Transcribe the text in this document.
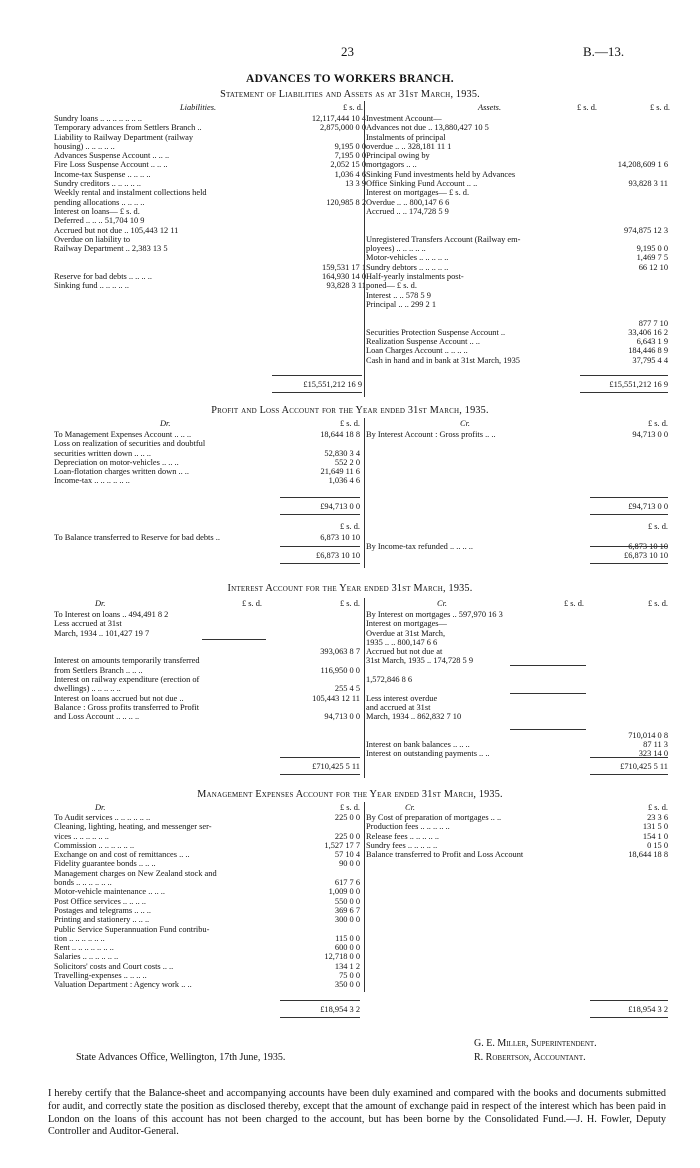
23	B.—13.
ADVANCES TO WORKERS BRANCH.
Statement of Liabilities and Assets as at 31st March, 1935.
Liabilities.	£ s. d.	Assets.	£ s. d.	£ s. d.
Sundry loans .. .. .. .. .. .. ..	12,117,444 10 4
Temporary advances from Settlers Branch ..	2,875,000 0 0
Liability to Railway Department (railway
housing) .. .. .. .. ..	9,195 0 0
Advances Suspense Account .. .. ..	7,195 0 0
Fire Loss Suspense Account .. .. ..	2,052 15 0
Income-tax Suspense .. .. .. ..	1,036 4 6
Sundry creditors .. .. .. .. ..	13 3 9
Weekly rental and instalment collections held
pending allocations .. .. .. ..	120,985 8 2
Interest on loans— £ s. d.
Deferred .. .. .. 51,704 10 9
Accrued but not due .. 105,443 12 11
Overdue on liability to
Railway Department .. 2,383 13 5
159,531 17 1
Reserve for bad debts .. .. .. ..	164,930 14 0
Sinking fund .. .. .. .. ..	93,828 3 11
Investment Account—
Advances not due .. 13,880,427 10 5
Instalments of principal
overdue .. .. 328,181 11 1
Principal owing by
mortgagors .. ..	14,208,609 1 6
Sinking Fund investments held by Advances
Office Sinking Fund Account .. ..	93,828 3 11
Interest on mortgages— £ s. d.
Overdue .. .. 800,147 6 6
Accrued .. .. 174,728 5 9
974,875 12 3
Unregistered Transfers Account (Railway em-
ployees) .. .. .. .. ..	9,195 0 0
Motor-vehicles .. .. .. .. ..	1,469 7 5
Sundry debtors .. .. .. .. ..	66 12 10
Half-yearly instalments post-
poned— £ s. d.
Interest .. .. 578 5 9
Principal .. .. 299 2 1
877 7 10
Securities Protection Suspense Account ..	33,406 16 2
Realization Suspense Account .. ..	6,643 1 9
Loan Charges Account .. .. .. ..	184,446 8 9
Cash in hand and in bank at 31st March, 1935	37,795 4 4
£15,551,212 16 9	£15,551,212 16 9
Profit and Loss Account for the Year ended 31st March, 1935.
Dr.	£ s. d.	Cr.	£ s. d.
To Management Expenses Account .. .. ..	18,644 18 8
Loss on realization of securities and doubtful
securities written down .. .. ..	52,830 3 4
Depreciation on motor-vehicles .. .. ..	552 2 0
Loan-flotation charges written down .. ..	21,649 11 6
Income-tax .. .. .. .. .. ..	1,036 4 6
By Interest Account : Gross profits .. ..	94,713 0 0
£94,713 0 0	£94,713 0 0
£ s. d.	£ s. d.
To Balance transferred to Reserve for bad debts ..	6,873 10 10
By Income-tax refunded .. .. .. ..	6,873 10 10
£6,873 10 10	£6,873 10 10
Interest Account for the Year ended 31st March, 1935.
Dr.	£ s. d.	£ s. d.	Cr.	£ s. d.	£ s. d.
To Interest on loans .. 494,491 8 2
Less accrued at 31st
March, 1934 .. 101,427 19 7
393,063 8 7
Interest on amounts temporarily transferred
from Settlers Branch .. .. ..	116,950 0 0
Interest on railway expenditure (erection of
dwellings) .. .. .. .. ..	255 4 5
Interest on loans accrued but not due ..	105,443 12 11
Balance : Gross profits transferred to Profit
and Loss Account .. .. .. ..	94,713 0 0
By Interest on mortgages .. 597,970 16 3
Interest on mortgages—
Overdue at 31st March,
1935 .. .. 800,147 6 6
Accrued but not due at
31st March, 1935 .. 174,728 5 9
1,572,846 8 6
Less interest overdue
and accrued at 31st
March, 1934 .. 862,832 7 10
710,014 0 8
Interest on bank balances .. .. ..	87 11 3
Interest on outstanding payments .. ..	323 14 0
£710,425 5 11	£710,425 5 11
Management Expenses Account for the Year ended 31st March, 1935.
Dr.	£ s. d.	Cr.	£ s. d.
To Audit services .. .. .. .. .. ..	225 0 0
Cleaning, lighting, heating, and messenger ser-
vices .. .. .. .. .. ..	225 0 0
Commission .. .. .. .. .. ..	1,527 17 7
Exchange on and cost of remittances .. ..	57 10 4
Fidelity guarantee bonds .. .. ..	90 0 0
Management charges on New Zealand stock and
bonds .. .. .. .. .. ..	617 7 6
Motor-vehicle maintenance .. .. ..	1,009 0 0
Post Office services .. .. .. ..	550 0 0
Postages and telegrams .. .. ..	369 6 7
Printing and stationery .. .. ..	300 0 0
Public Service Superannuation Fund contribu-
tion .. .. .. .. .. ..	115 0 0
Rent .. .. .. .. .. .. ..	600 0 0
Salaries .. .. .. .. .. ..	12,718 0 0
Solicitors' costs and Court costs .. ..	134 1 2
Travelling-expenses .. .. .. ..	75 0 0
Valuation Department : Agency work .. ..	350 0 0
By Cost of preparation of mortgages .. ..	23 3 6
Production fees .. .. .. .. ..	131 5 0
Release fees .. .. .. .. ..	154 1 0
Sundry fees .. .. .. .. ..	0 15 0
Balance transferred to Profit and Loss Account	18,644 18 8
£18,954 3 2	£18,954 3 2
G. E. Miller, Superintendent.
State Advances Office, Wellington, 17th June, 1935.	R. Robertson, Accountant.
I hereby certify that the Balance-sheet and accompanying accounts have been duly examined and compared with the books and documents submitted for audit, and correctly state the position as disclosed thereby, except that the amount of exchange paid in respect of the interest which has been paid in London on the loans of this account has not been charged to the account, but has been borne by the Consolidated Fund.—J. H. Fowler, Deputy Controller and Auditor-General.
